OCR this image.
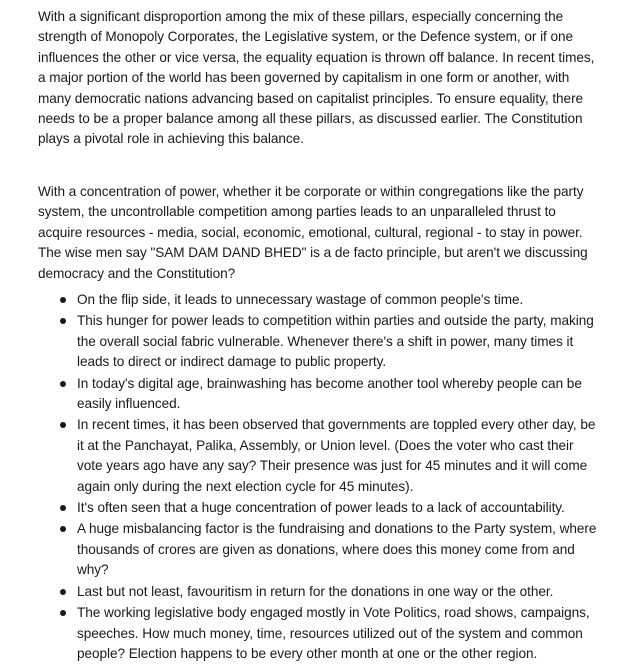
With a significant disproportion among the mix of these pillars, especially concerning the strength of Monopoly Corporates, the Legislative system, or the Defence system, or if one influences the other or vice versa, the equality equation is thrown off balance. In recent times, a major portion of the world has been governed by capitalism in one form or another, with many democratic nations advancing based on capitalist principles. To ensure equality, there needs to be a proper balance among all these pillars, as discussed earlier. The Constitution plays a pivotal role in achieving this balance.

With a concentration of power, whether it be corporate or within congregations like the party system, the uncontrollable competition among parties leads to an unparalleled thrust to acquire resources - media, social, economic, emotional, cultural, regional - to stay in power. The wise men say "SAM DAM DAND BHED" is a de facto principle, but aren't we discussing democracy and the Constitution?

On the flip side, it leads to unnecessary wastage of common people's time.
This hunger for power leads to competition within parties and outside the party, making the overall social fabric vulnerable. Whenever there's a shift in power, many times it leads to direct or indirect damage to public property.
In today's digital age, brainwashing has become another tool whereby people can be easily influenced.
In recent times, it has been observed that governments are toppled every other day, be it at the Panchayat, Palika, Assembly, or Union level. (Does the voter who cast their vote years ago have any say? Their presence was just for 45 minutes and it will come again only during the next election cycle for 45 minutes).
It's often seen that a huge concentration of power leads to a lack of accountability.
A huge misbalancing factor is the fundraising and donations to the Party system, where thousands of crores are given as donations, where does this money come from and why?
Last but not least, favouritism in return for the donations in one way or the other.
The working legislative body engaged mostly in Vote Politics, road shows, campaigns, speeches. How much money, time, resources utilized out of the system and common people? Election happens to be every other month at one or the other region.
